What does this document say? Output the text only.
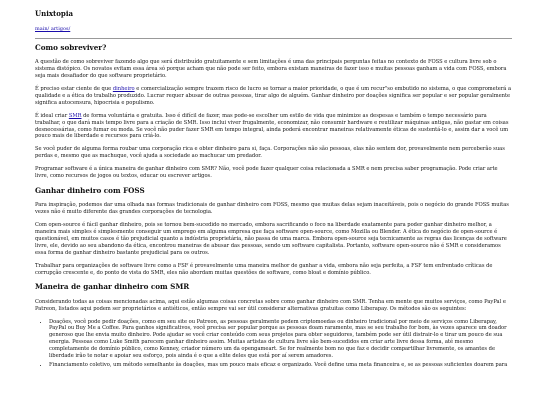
Unixtopia
main/ artigos/
Como sobreviver?

A questão de como sobreviver fazendo algo que será distribuído gratuitamente e sem limitações é uma das principais perguntas feitas no contexto de FOSS e cultura livre sob o sistema distópico. Os novatos evitam essa área só porque acham que não pode ser feito, embora existam maneiras de fazer isso e muitas pessoas ganham a vida com FOSS, embora seja mais desafiador do que software proprietário.

É preciso estar ciente de que dinheiro e comercialização sempre trazem risco de lucro se tornar a maior prioridade, o que é um recur"so embutido no sistema, o que comprometerá a qualidade e a ética do trabalho produzido. Lucrar requer abusar de outras pessoas, tirar algo de alguém. Ganhar dinheiro por doações significa ser popular e ser popular geralmente significa autocensura, hipocrisia e populismo.

É ideal criar SMR de forma voluntária e gratuita. Isso é difícil de fazer, mas pode-se escolher um estilo de vida que minimize as despesas e também o tempo necessário para trabalhar, o que dará mais tempo livre para a criação de SMR. Isso inclui viver frugalmente, economizar, não consumir hardware e reutilizar máquinas antigas, não gastar em coisas desnecessárias, como fumar ou moda. Se você não puder fazer SMR em tempo integral, ainda poderá encontrar maneiras relativamente éticas de sustentá-lo e, assim dar a você um pouco mais de liberdade e recursos para criá-lo.

Se você puder de alguma forma roubar uma corporação rica e obter dinheiro para si, faça. Corporações não são pessoas, elas não sentem dor, provavelmente nem perceberão suas perdas e, mesmo que as machuque, você ajuda a sociedade ao machucar um predador.

Programar software é a única maneira de ganhar dinheiro com SMR? Não, você pode fazer qualquer coisa relacionada a SMR e nem precisa saber programação. Pode criar arte livre, como recursos de jogos ou textos, educar ou escrever artigos.

Ganhar dinheiro com FOSS

Para inspiração, podemos dar uma olhada nas formas tradicionais de ganhar dinheiro com FOSS, mesmo que muitas delas sejam inaceitáveis, pois o negócio do grande FOSS muitas vezes não é muito diferente das grandes corporações de tecnologia.

Com open-source é fácil ganhar dinheiro, pois se tornou bem-sucedido no mercado, embora sacrificando o foco na liberdade exatamente para poder ganhar dinheiro melhor, a maneira mais simples é simplesmente conseguir um emprego em alguma empresa que faça software open-source, como Mozilla ou Blender. A ética do negócio de open-source é questionável, em muitos casos é tão prejudicial quanto a indústria proprietária, não passa de uma marca. Embora open-source seja tecnicamente as regras das licenças de software livre, ele, devido ao seu abandono da ética, encontrou maneiras de abusar das pessoas, sendo um software capitalista. Portanto, software open-source não é SMR e consideramos essa forma de ganhar dinheiro bastante prejudicial para os outros.

Trabalhar para organizações de software livre como a FSF é provavelmente uma maneira melhor de ganhar a vida, embora não seja perfeita, a FSF tem enfrentado críticas de corrupção crescente e, do ponto de vista do SMR, eles não abordam muitas questões de software, como bloat e domínio público.

Maneira de ganhar dinheiro com SMR

Considerando todas as coisas mencionadas acima, aqui estão algumas coisas concretas sobre como ganhar dinheiro com SMR. Tenha em mente que muitos serviços, como PayPal e Patreon, listados aqui podem ser proprietários e antiéticos, então sempre vai ser útil considerar alternativas gratuitas como Liberapay. Os métodos são os seguintes:

• Doações, você pode pedir doações, como em seu site ou Patreon, as pessoas geralmente pedem criptomoedas ou dinheiro tradicional por meio de serviços como Liberapay, PayPal ou Buy Me a Coffee. Para ganhos significativos, você precisa ser popular porque as pessoas doam raramente, mas se seu trabalho for bom, às vezes aparece um doador generoso que lhe envia muito dinheiro. Pode ajudar se você criar conteúdo com seus projetos para obter seguidores, também pode ser útil distrair-lo e tirar um pouco de sua energia. Pessoas como Luke Smith parecem ganhar dinheiro assim. Muitas artistas de cultura livre são bem-sucedidos em criar arte livre dessa forma, até mesmo completamente de domínio público, como Kenney, criador número um da opengameart. Se for realmente bom no que faz e decidir compartilhar livremente, os amantes de liberdade irão te notar e apoiar seu esforço, pois ainda é o que a elite deles que está por aí serem amadores.
• Financiamento coletivo, um método semelhante às doações, mas um pouco mais eficaz e organizado. Você define uma meta financeira e, se as pessoas suficientes doarem para
